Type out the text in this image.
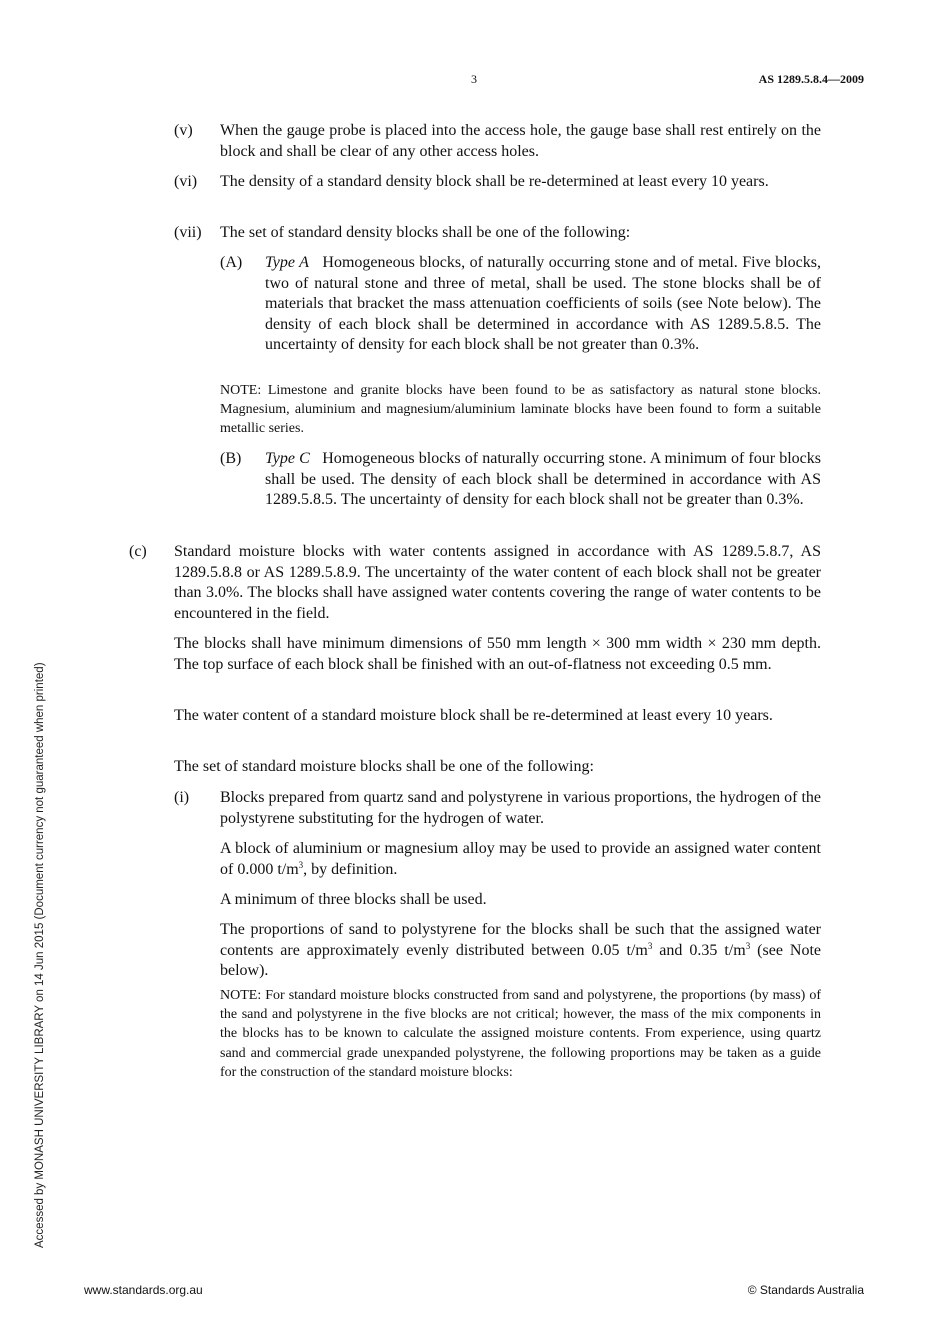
3	AS 1289.5.8.4—2009
Accessed by MONASH UNIVERSITY LIBRARY on 14 Jun 2015 (Document currency not guaranteed when printed)
(v) When the gauge probe is placed into the access hole, the gauge base shall rest entirely on the block and shall be clear of any other access holes.

(vi) The density of a standard density block shall be re-determined at least every 10 years.

(vii) The set of standard density blocks shall be one of the following:

(A) Type A Homogeneous blocks, of naturally occurring stone and of metal. Five blocks, two of natural stone and three of metal, shall be used. The stone blocks shall be of materials that bracket the mass attenuation coefficients of soils (see Note below). The density of each block shall be determined in accordance with AS 1289.5.8.5. The uncertainty of density for each block shall be not greater than 0.3%.

NOTE: Limestone and granite blocks have been found to be as satisfactory as natural stone blocks. Magnesium, aluminium and magnesium/aluminium laminate blocks have been found to form a suitable metallic series.

(B) Type C Homogeneous blocks of naturally occurring stone. A minimum of four blocks shall be used. The density of each block shall be determined in accordance with AS 1289.5.8.5. The uncertainty of density for each block shall not be greater than 0.3%.

(c) Standard moisture blocks with water contents assigned in accordance with AS 1289.5.8.7, AS 1289.5.8.8 or AS 1289.5.8.9. The uncertainty of the water content of each block shall not be greater than 3.0%. The blocks shall have assigned water contents covering the range of water contents to be encountered in the field.

The blocks shall have minimum dimensions of 550 mm length × 300 mm width × 230 mm depth. The top surface of each block shall be finished with an out-of-flatness not exceeding 0.5 mm.

The water content of a standard moisture block shall be re-determined at least every 10 years.

The set of standard moisture blocks shall be one of the following:

(i) Blocks prepared from quartz sand and polystyrene in various proportions, the hydrogen of the polystyrene substituting for the hydrogen of water.

A block of aluminium or magnesium alloy may be used to provide an assigned water content of 0.000 $t/m^3$, by definition.

A minimum of three blocks shall be used.

The proportions of sand to polystyrene for the blocks shall be such that the assigned water contents are approximately evenly distributed between 0.05 $t/m^3$ and 0.35 $t/m^3$ (see Note below).

NOTE: For standard moisture blocks constructed from sand and polystyrene, the proportions (by mass) of the sand and polystyrene in the five blocks are not critical; however, the mass of the mix components in the blocks has to be known to calculate the assigned moisture contents. From experience, using quartz sand and commercial grade unexpanded polystyrene, the following proportions may be taken as a guide for the construction of the standard moisture blocks:

www.standards.org.au	© Standards Australia
